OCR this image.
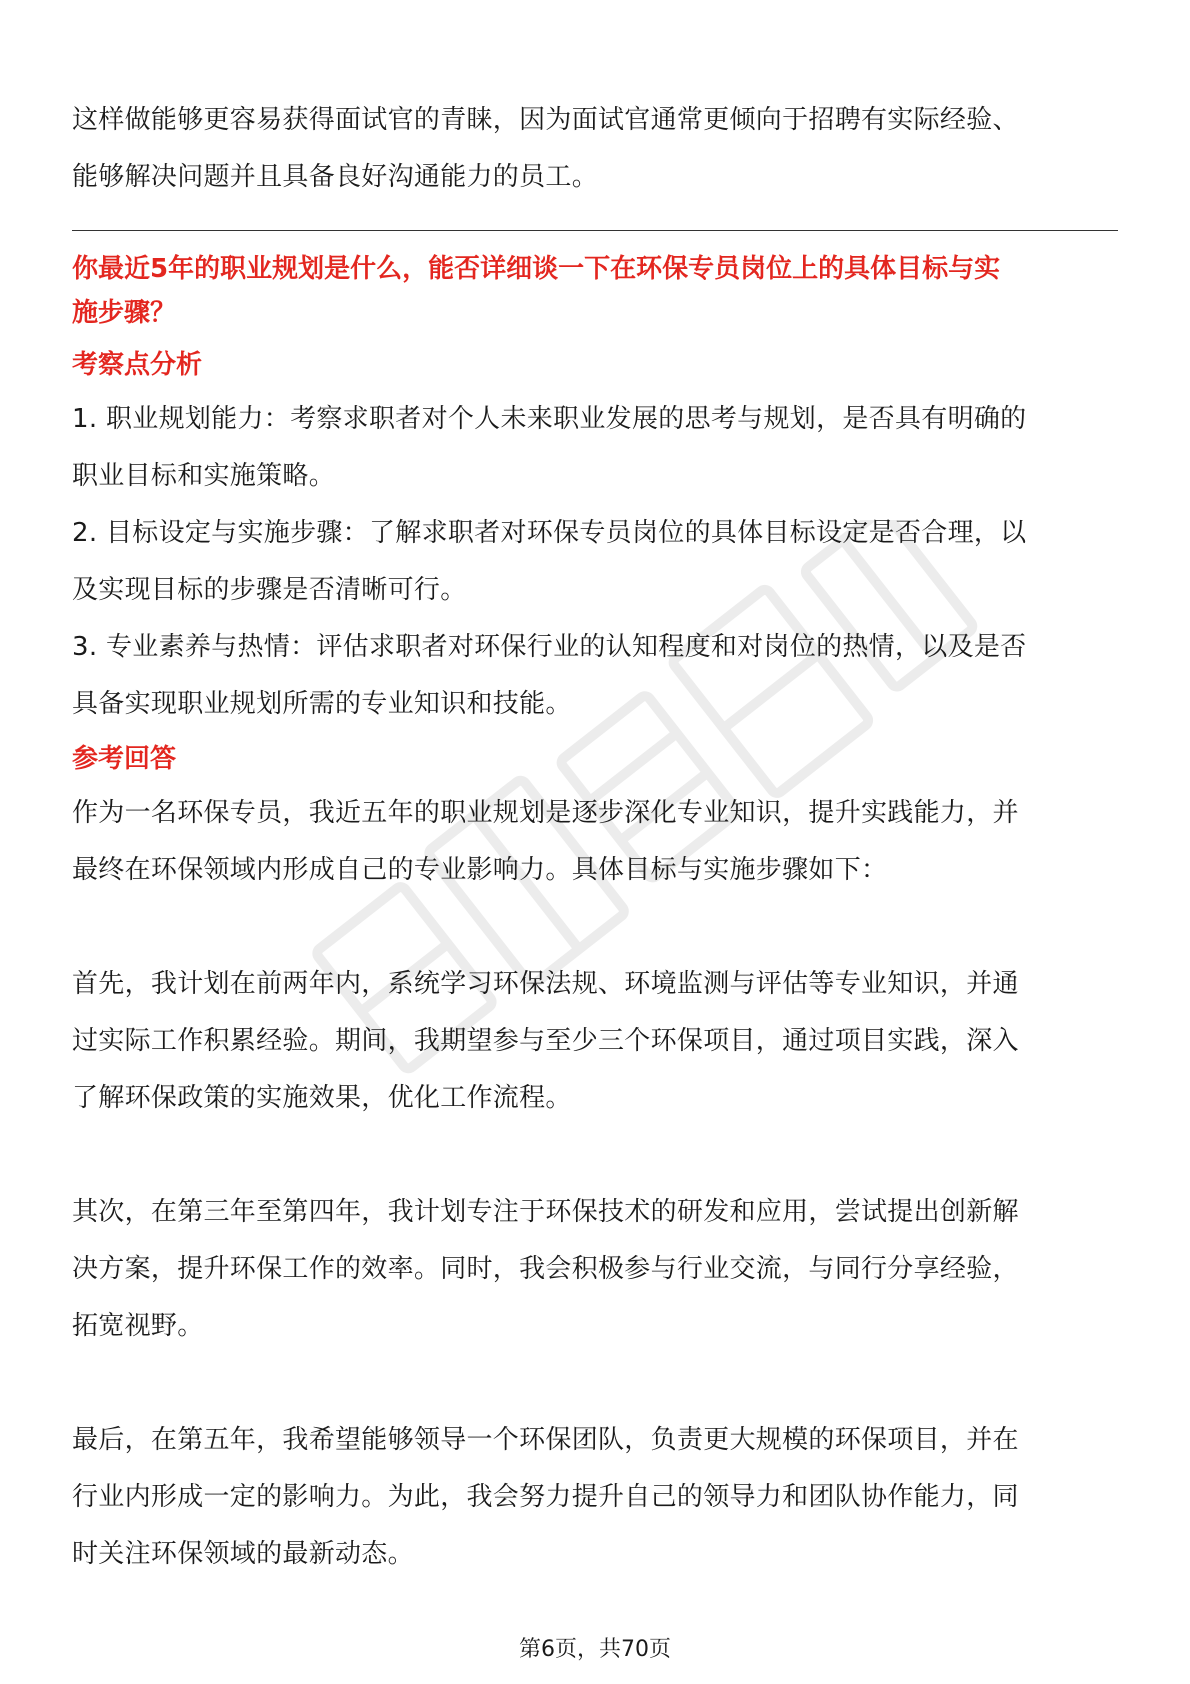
这样做能够更容易获得面试官的青睐，因为面试官通常更倾向于招聘有实际经验、

能够解决问题并且具备良好沟通能力的员工。

你最近5年的职业规划是什么，能否详细谈一下在环保专员岗位上的具体目标与实

施步骤？

考察点分析

1. 职业规划能力：考察求职者对个人未来职业发展的思考与规划，是否具有明确的

职业目标和实施策略。

2. 目标设定与实施步骤：了解求职者对环保专员岗位的具体目标设定是否合理，以

及实现目标的步骤是否清晰可行。

3. 专业素养与热情：评估求职者对环保行业的认知程度和对岗位的热情，以及是否

具备实现职业规划所需的专业知识和技能。

参考回答

作为一名环保专员，我近五年的职业规划是逐步深化专业知识，提升实践能力，并

最终在环保领域内形成自己的专业影响力。具体目标与实施步骤如下：

首先，我计划在前两年内，系统学习环保法规、环境监测与评估等专业知识，并通

过实际工作积累经验。期间，我期望参与至少三个环保项目，通过项目实践，深入

了解环保政策的实施效果，优化工作流程。

其次，在第三年至第四年，我计划专注于环保技术的研发和应用，尝试提出创新解

决方案，提升环保工作的效率。同时，我会积极参与行业交流，与同行分享经验，

拓宽视野。

最后，在第五年，我希望能够领导一个环保团队，负责更大规模的环保项目，并在

行业内形成一定的影响力。为此，我会努力提升自己的领导力和团队协作能力，同

时关注环保领域的最新动态。

第6页，共70页
